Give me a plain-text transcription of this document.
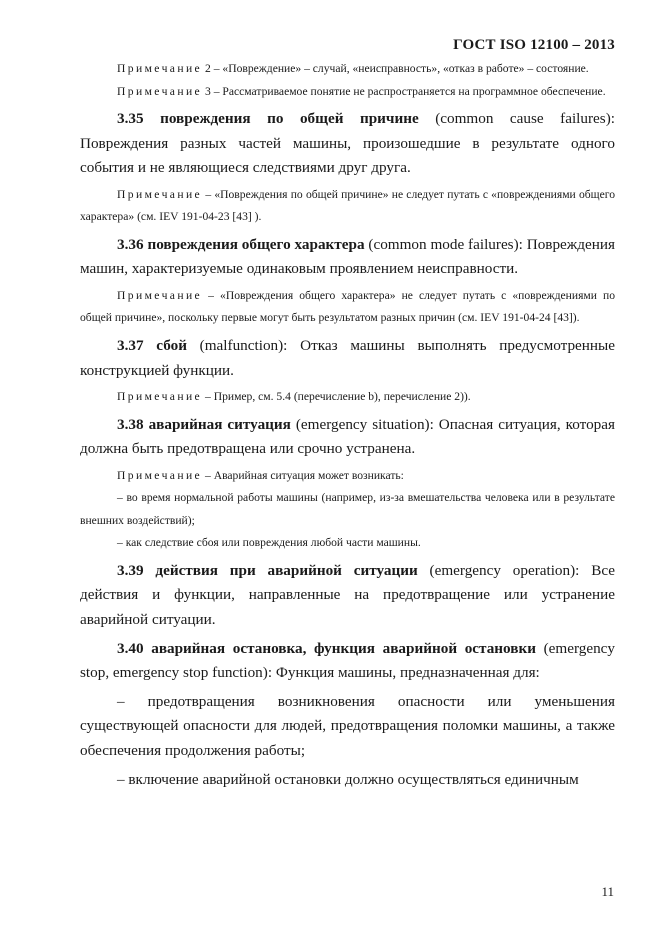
ГОСТ ISO 12100 – 2013

Примечание 2 – «Повреждение» – случай, «неисправность», «отказ в работе» – состояние.

Примечание 3 – Рассматриваемое понятие не распространяется на программное обеспечение.

3.35 повреждения по общей причине (common cause failures): Повреждения разных частей машины, произошедшие в результате одного события и не являющиеся следствиями друг друга.

Примечание – «Повреждения по общей причине» не следует путать с «повреждениями общего характера» (см. IEV 191-04-23 [43] ).

3.36 повреждения общего характера (common mode failures): Повреждения машин, характеризуемые одинаковым проявлением неисправности.

Примечание – «Повреждения общего характера» не следует путать с «повреждениями по общей причине», поскольку первые могут быть результатом разных причин (см. IEV 191-04-24 [43]).

3.37 сбой (malfunction): Отказ машины выполнять предусмотренные конструкцией функции.

Примечание – Пример, см. 5.4 (перечисление b), перечисление 2)).

3.38 аварийная ситуация (emergency situation): Опасная ситуация, которая должна быть предотвращена или срочно устранена.

Примечание – Аварийная ситуация может возникать:

– во время нормальной работы машины (например, из-за вмешательства человека или в результате внешних воздействий);

– как следствие сбоя или повреждения любой части машины.

3.39 действия при аварийной ситуации (emergency operation): Все действия и функции, направленные на предотвращение или устранение аварийной ситуации.

3.40 аварийная остановка, функция аварийной остановки (emergency stop, emergency stop function): Функция машины, предназначенная для:

– предотвращения возникновения опасности или уменьшения существующей опасности для людей, предотвращения поломки машины, а также обеспечения продолжения работы;

– включение аварийной остановки должно осуществляться единичным

11
